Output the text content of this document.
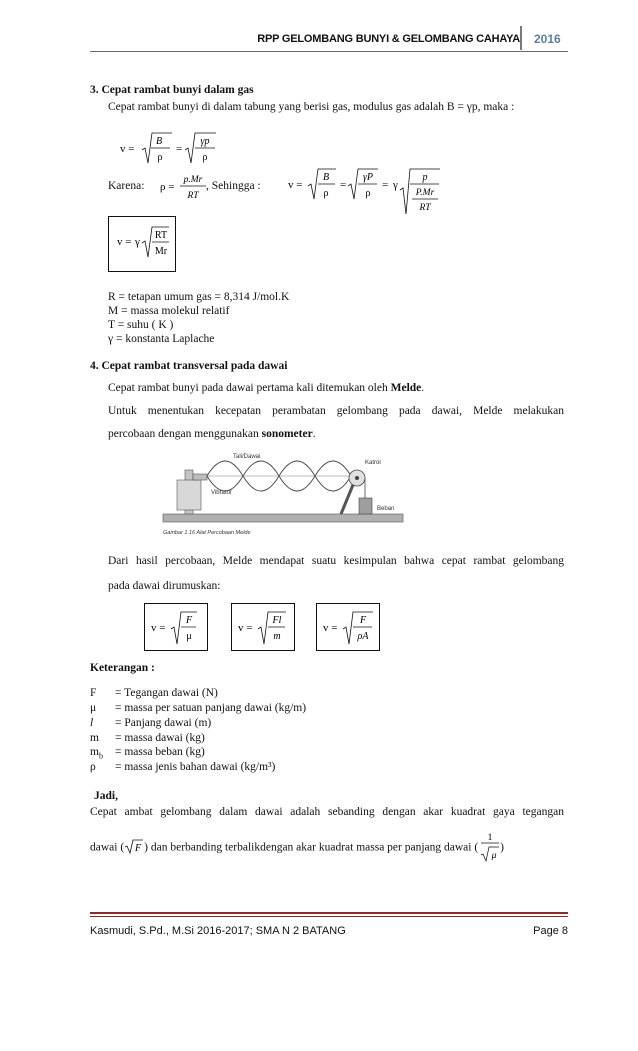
RPP GELOMBANG BUNYI & GELOMBANG CAHAYA 2016
3. Cepat rambat bunyi dalam gas
Cepat rambat bunyi di dalam tabung yang berisi gas, modulus gas adalah B = γp, maka :
v =
B
ρ
=
γp
ρ
Karena: ρ =
p.Mr
RT
, Sehingga : v =
B
ρ
=
γP
ρ
= γ
p
P.Mr
RT
v = γ
RT
Mr
R = tetapan umum gas = 8,314 J/mol.K
M = massa molekul relatif
T = suhu ( K )
γ = konstanta Laplache
4. Cepat rambat transversal pada dawai
Cepat rambat bunyi pada dawai pertama kali ditemukan oleh Melde.
Untuk menentukan kecepatan perambatan gelombang pada dawai, Melde melakukan
percobaan dengan menggunakan sonometer.
Tali/Dawai
Katrol
Vibrator
Beban
Gambar 1.16 Alat Percobaan Melde
Dari hasil percobaan, Melde mendapat suatu kesimpulan bahwa cepat rambat gelombang
pada dawai dirumuskan:
v =
F
μ
v =
Fl
m
v =
F
ρA
Keterangan :
F = Tegangan dawai (N)
μ = massa per satuan panjang dawai (kg/m)
l = Panjang dawai (m)
m = massa dawai (kg)
$m_b$ = massa beban (kg)
ρ = massa jenis bahan dawai (kg/m³)
Jadi,
Cepat ambat gelombang dalam dawai adalah sebanding dengan akar kuadrat gaya tegangan
dawai ( F ) dan berbanding terbalikdengan akar kuadrat massa per panjang dawai (
1
μ
)
Kasmudi, S.Pd., M.Si 2016-2017; SMA N 2 BATANG	Page 8
